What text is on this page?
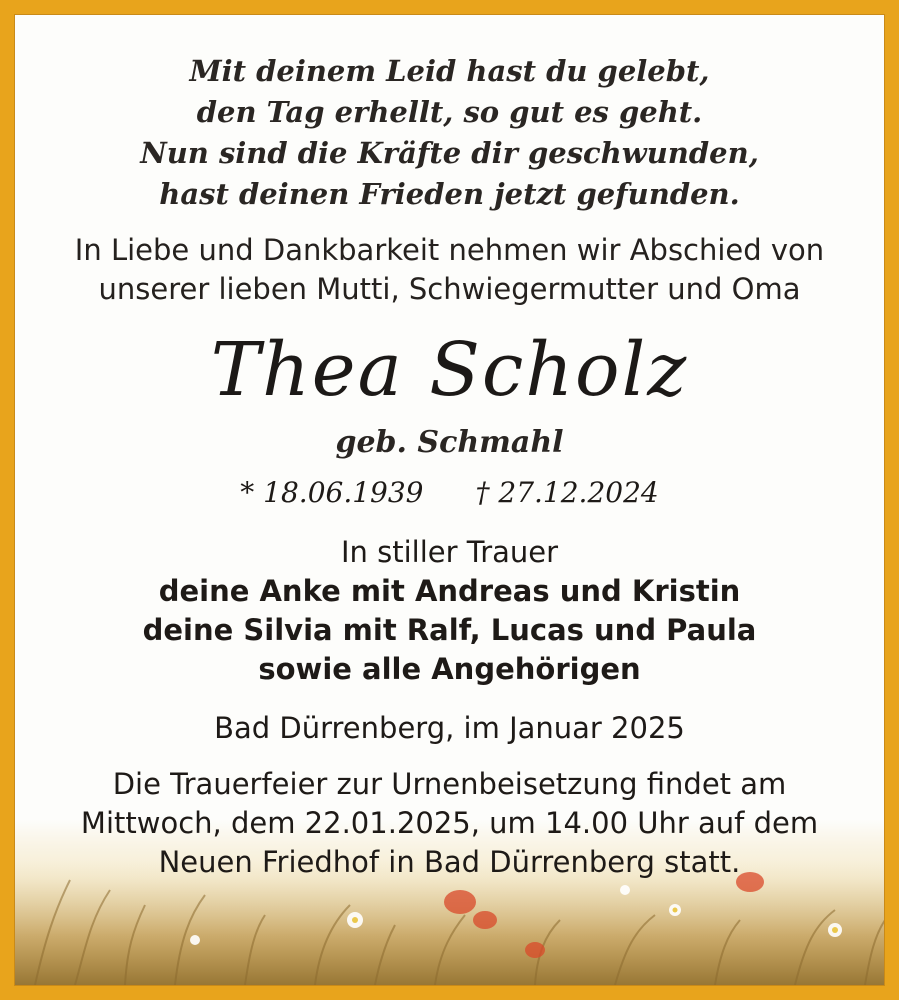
Mit deinem Leid hast du gelebt,
den Tag erhellt, so gut es geht.
Nun sind die Kräfte dir geschwunden,
hast deinen Frieden jetzt gefunden.
In Liebe und Dankbarkeit nehmen wir Abschied von
unserer lieben Mutti, Schwiegermutter und Oma
Thea Scholz
geb. Schmahl
* 18.06.1939 † 27.12.2024
In stiller Trauer
deine Anke mit Andreas und Kristin
deine Silvia mit Ralf, Lucas und Paula
sowie alle Angehörigen
Bad Dürrenberg, im Januar 2025
Die Trauerfeier zur Urnenbeisetzung findet am
Mittwoch, dem 22.01.2025, um 14.00 Uhr auf dem
Neuen Friedhof in Bad Dürrenberg statt.
